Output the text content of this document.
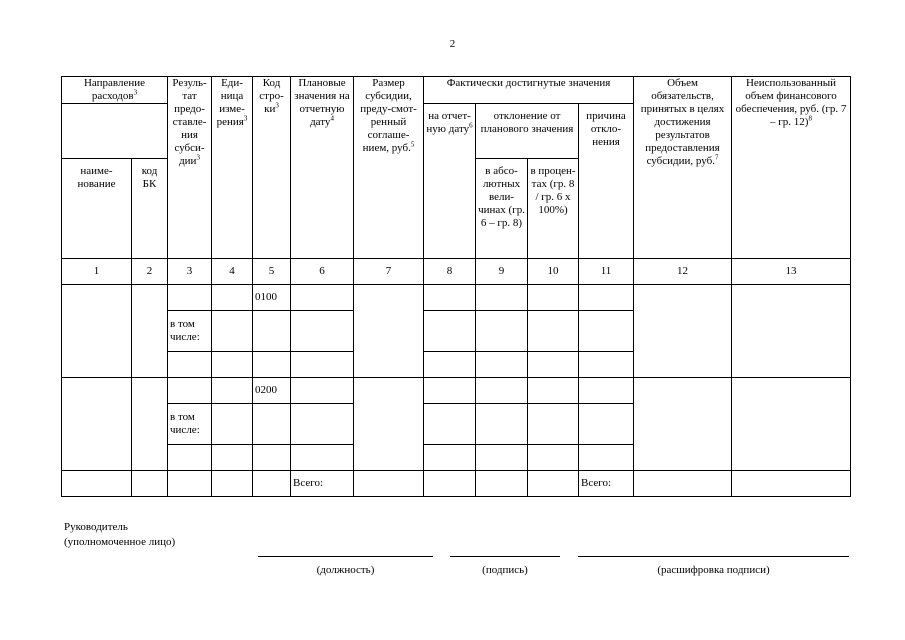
2
Направление расходов$^3$		Резуль-тат предо-ставле-ния субси-дии$^3$	Еди-ница изме-рения$^3$	Код стро-$ки^3$	Плановые значения на отчетную дату$^4$	Размер субсидии, преду-смот-ренный соглаше-нием, руб.$^5$	Фактически достигнутые значения				Объем обязательств, принятых в целях достижения результатов предоставления субсидии, руб.$^7$	Неиспользованный объем финансового обеспечения, руб. (гр. 7 – гр. 12)$^8$
							на отчет-ную дату$^6$	отклонение от планового значения		причина откло-нения		
наиме-нование	код БК							в абсо-лютных вели-чинах (гр. 6 – гр. 8)	в процен-тах (гр. 8 / гр. 6 x 100%)			
1	2	3	4	5	6	7	8	9	10	11	12	13
				0100								
		в том числе:										

				0200								
		в том числе:										

					Всего:					Всего:		
Руководитель
(уполномоченное лицо)
(должность)	(подпись)	(расшифровка подписи)
